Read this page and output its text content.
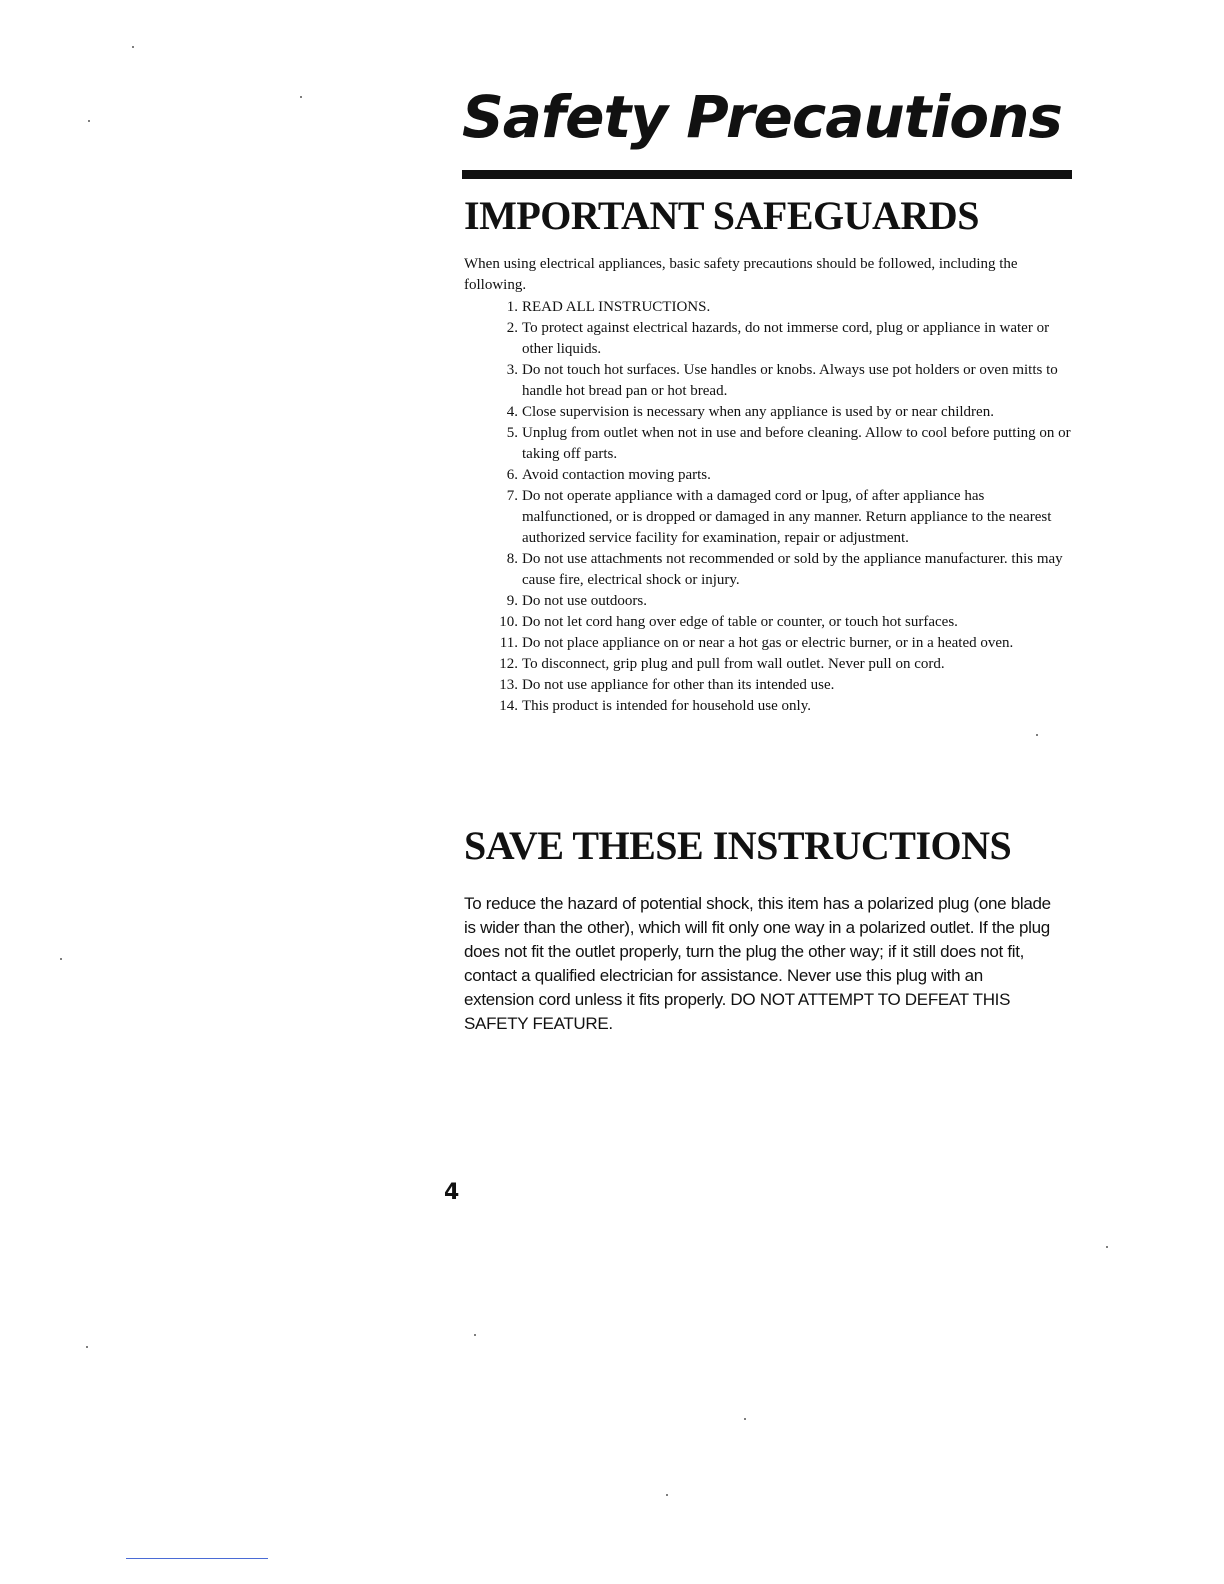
Safety Precautions
IMPORTANT SAFEGUARDS

When using electrical appliances, basic safety precautions should be followed, including the following.

1. READ ALL INSTRUCTIONS.
2. To protect against electrical hazards, do not immerse cord, plug or appliance in water or other liquids.
3. Do not touch hot surfaces. Use handles or knobs. Always use pot holders or oven mitts to handle hot bread pan or hot bread.
4. Close supervision is necessary when any appliance is used by or near children.
5. Unplug from outlet when not in use and before cleaning. Allow to cool before putting on or taking off parts.
6. Avoid contaction moving parts.
7. Do not operate appliance with a damaged cord or lpug, of after appliance has malfunctioned, or is dropped or damaged in any manner. Return appliance to the nearest authorized service facility for examination, repair or adjustment.
8. Do not use attachments not recommended or sold by the appliance manufacturer. this may cause fire, electrical shock or injury.
9. Do not use outdoors.
10. Do not let cord hang over edge of table or counter, or touch hot surfaces.
11. Do not place appliance on or near a hot gas or electric burner, or in a heated oven.
12. To disconnect, grip plug and pull from wall outlet. Never pull on cord.
13. Do not use appliance for other than its intended use.
14. This product is intended for household use only.
SAVE THESE INSTRUCTIONS

To reduce the hazard of potential shock, this item has a polarized plug (one blade is wider than the other), which will fit only one way in a polarized outlet. If the plug does not fit the outlet properly, turn the plug the other way; if it still does not fit, contact a qualified electrician for assistance. Never use this plug with an extension cord unless it fits properly. DO NOT ATTEMPT TO DEFEAT THIS SAFETY FEATURE.

4
